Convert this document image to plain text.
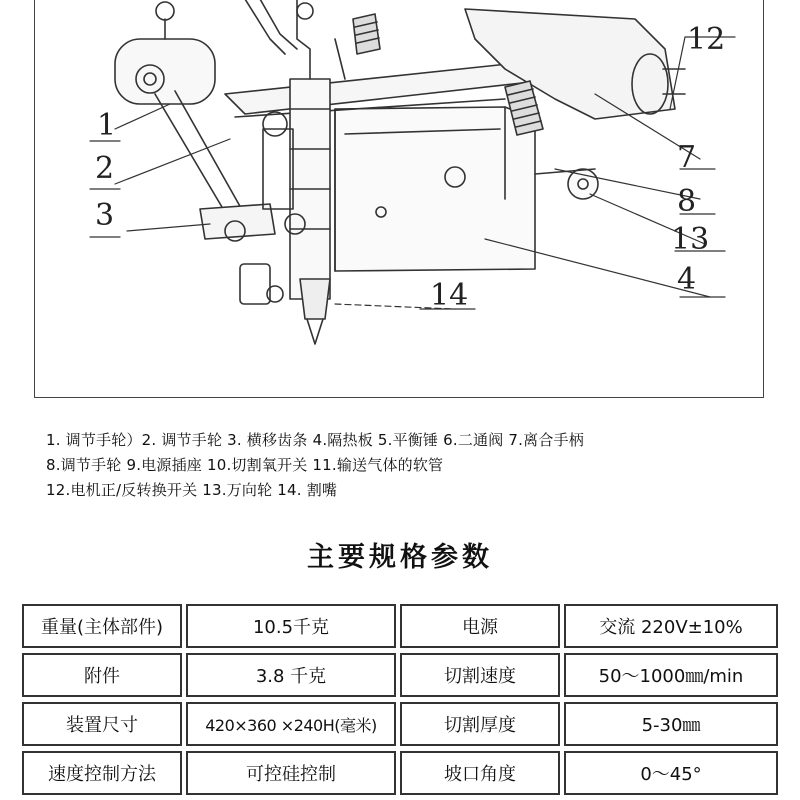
1
2
3
12
7
8
13
4
14
1. 调节手轮）2. 调节手轮 3. 横移齿条 4.隔热板 5.平衡锤 6.二通阀 7.离合手柄
8.调节手轮 9.电源插座 10.切割氧开关 11.输送气体的软管
12.电机正/反转换开关 13.万向轮 14. 割嘴
主要规格参数
重量(主体部件)	10.5千克	电源	交流 220V±10%
附件	3.8 千克	切割速度	50～1000㎜/min
装置尺寸	420×360 ×240H(毫米)	切割厚度	5-30㎜
速度控制方法	可控硅控制	坡口角度	0～45°
